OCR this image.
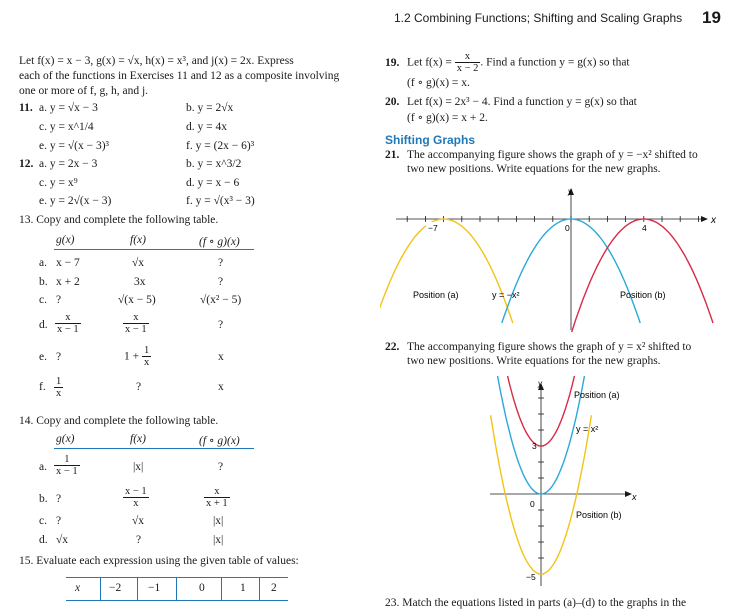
1.2 Combining Functions; Shifting and Scaling Graphs 19
Let f(x) = x − 3, g(x) = √x, h(x) = x³, and j(x) = 2x. Express
each of the functions in Exercises 11 and 12 as a composite involving
one or more of f, g, h, and j.
11. a. y = √x − 3	b. y = 2√x
c. y = x^1/4	d. y = 4x
e. y = √(x − 3)³	f. y = (2x − 6)³
12. a. y = 2x − 3	b. y = x^3/2
c. y = x⁹	d. y = x − 6
e. y = 2√(x − 3)	f. y = √(x³ − 3)
13. Copy and complete the following table.
g(x)	f(x)	(f ∘ g)(x)
a. x − 7	√x	?
b. x + 2	3x	?
c. ?	√(x − 5)	√(x² − 5)
d. $\frac{x}{x - 1}$	$\frac{x}{x - 1}$	?
e. ?	$1 + \frac{1}{x}$	x
f. $\frac{1}{x}$	?	x
14. Copy and complete the following table.
g(x)	f(x)	(f ∘ g)(x)
a. $\frac{1}{x - 1}$	|x|	?
b. ?	$\frac{x - 1}{x}$	$\frac{x}{x + 1}$
c. ?	√x	|x|
d. √x	?	|x|
15. Evaluate each expression using the given table of values:
x	−2 −1	0	1 2
19. Let $f(x) = \frac{x}{x - 2}$ . Find a function y = g(x) so that
(f ∘ g)(x) = x.
20. Let f(x) = 2x³ − 4. Find a function y = g(x) so that
(f ∘ g)(x) = x + 2.
Shifting Graphs
21. The accompanying figure shows the graph of y = −x² shifted to
two new positions. Write equations for the new graphs.
x
y
−7	0	4
Position (a)	y = −x²	Position (b)
22. The accompanying figure shows the graph of y = x² shifted to
two new positions. Write equations for the new graphs.
x
y
3
0
−5
Position (a)
y = x²
Position (b)
23. Match the equations listed in parts (a)–(d) to the graphs in the
